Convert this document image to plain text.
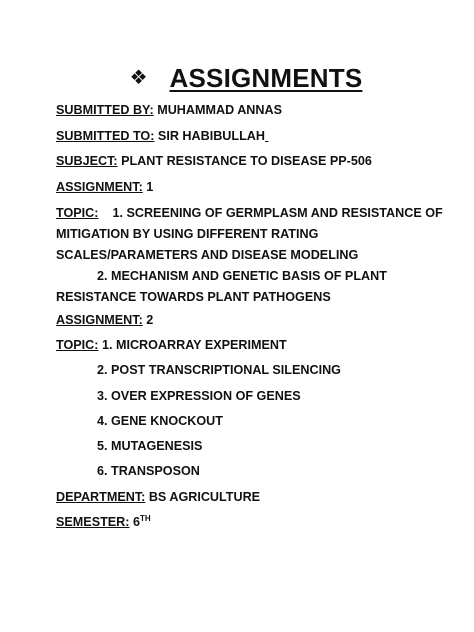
❖ ASSIGNMENTS
SUBMITTED BY: MUHAMMAD ANNAS
SUBMITTED TO: SIR HABIBULLAH
SUBJECT: PLANT RESISTANCE TO DISEASE PP-506
ASSIGNMENT: 1
TOPIC: 1. SCREENING OF GERMPLASM AND RESISTANCE OF
MITIGATION BY USING DIFFERENT RATING
SCALES/PARAMETERS AND DISEASE MODELING
2. MECHANISM AND GENETIC BASIS OF PLANT
RESISTANCE TOWARDS PLANT PATHOGENS
ASSIGNMENT: 2
TOPIC: 1. MICROARRAY EXPERIMENT
2. POST TRANSCRIPTIONAL SILENCING
3. OVER EXPRESSION OF GENES
4. GENE KNOCKOUT
5. MUTAGENESIS
6. TRANSPOSON
DEPARTMENT: BS AGRICULTURE
SEMESTER: 6TH
